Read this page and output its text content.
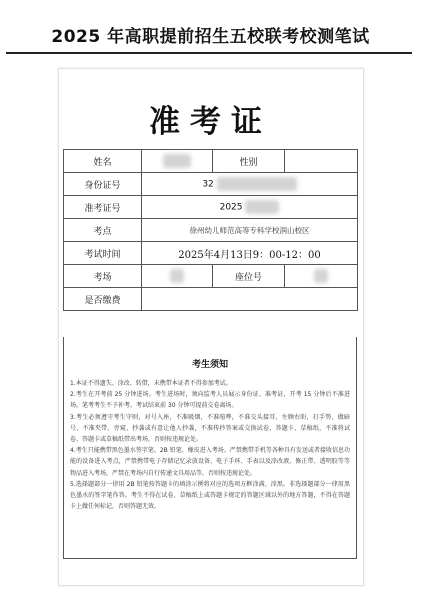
2025 年高职提前招生五校联考校测笔试
准考证
姓名		性别	
身份证号	32		
准考证号	2025		
考点	徐州幼儿师范高等专科学校润山校区		
考试时间	2025年4月13日9：00-12：00		
考场		座位号	
是否缴费			
考生须知

1.本证不得遗失、涂改、转借，未携带本证者不得参加考试。

2.考生在开考前 25 分钟进场。考生进场时，须向监考人员展示身份证、准考证，开考 15 分钟后不准进场。笔考考生不予补考。考试结束前 30 分钟可提前交卷离场。

3.考生必须遵守考生守则，对号入座，不准吸烟，不准喧哗，不准交头接耳，左顾右盼，打手势、做暗号，不准夹带、旁窥、抄袭或有意让他人抄袭，不准传抄答案或交换试卷、答题卡、草稿纸，不准将试卷、答题卡或草稿纸带出考场，否则按违规论处。

4.考生只能携带黑色墨水签字笔、2B 铅笔、橡皮进入考场。严禁携带手机等各种具有发送或者接收信息功能的设备进入考点，严禁携带电子存储记忆录放设备、电子手环、手表以及涂改液、修正带、透明胶等等物品进入考场，严禁在考场内自行传递文具用品等，否则按违规论处。

5.选择题部分一律用 2B 铅笔按答题卡的填涂示例将对应的选项方框涂满、涂黑。非选择题部分一律用黑色墨水的签字笔作答。考生不得在试卷、草稿纸上或答题卡规定的答题区域以外的地方答题，不得在答题卡上做任何标记，否则答题无效。
